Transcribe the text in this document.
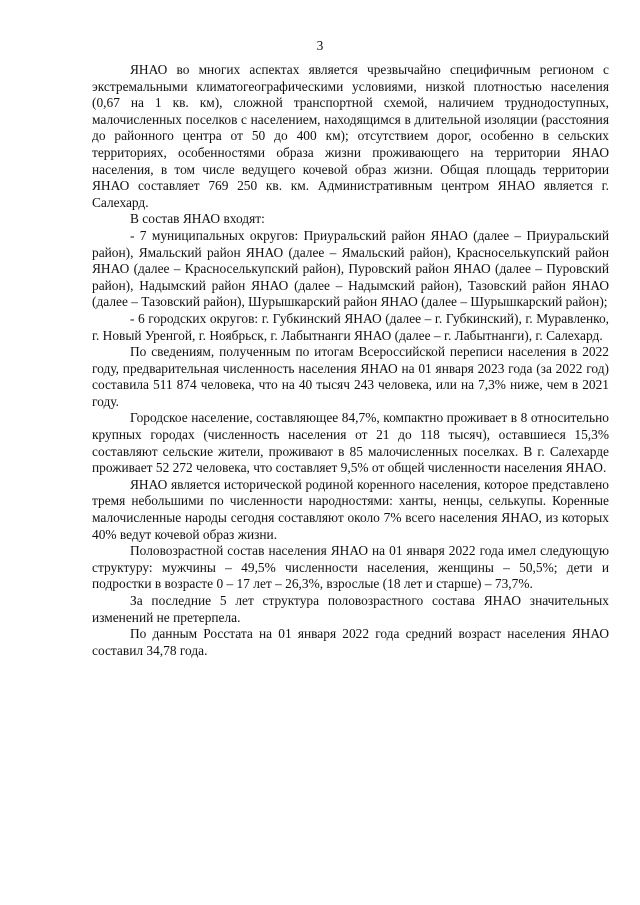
3

ЯНАО во многих аспектах является чрезвычайно специфичным регионом с экстремальными климатогеографическими условиями, низкой плотностью населения (0,67 на 1 кв. км), сложной транспортной схемой, наличием труднодоступных, малочисленных поселков с населением, находящимся в длительной изоляции (расстояния до районного центра от 50 до 400 км); отсутствием дорог, особенно в сельских территориях, особенностями образа жизни проживающего на территории ЯНАО населения, в том числе ведущего кочевой образ жизни. Общая площадь территории ЯНАО составляет 769 250 кв. км. Административным центром ЯНАО является г. Салехард.

В состав ЯНАО входят:

- 7 муниципальных округов: Приуральский район ЯНАО (далее – Приуральский район), Ямальский район ЯНАО (далее – Ямальский район), Красноселькупский район ЯНАО (далее – Красноселькупский район), Пуровский район ЯНАО (далее – Пуровский район), Надымский район ЯНАО (далее – Надымский район), Тазовский район ЯНАО (далее – Тазовский район), Шурышкарский район ЯНАО (далее – Шурышкарский район);

- 6 городских округов: г. Губкинский ЯНАО (далее – г. Губкинский), г. Муравленко, г. Новый Уренгой, г. Ноябрьск, г. Лабытнанги ЯНАО (далее – г. Лабытнанги), г. Салехард.

По сведениям, полученным по итогам Всероссийской переписи населения в 2022 году, предварительная численность населения ЯНАО на 01 января 2023 года (за 2022 год) составила 511 874 человека, что на 40 тысяч 243 человека, или на 7,3% ниже, чем в 2021 году.

Городское население, составляющее 84,7%, компактно проживает в 8 относительно крупных городах (численность населения от 21 до 118 тысяч), оставшиеся 15,3% составляют сельские жители, проживают в 85 малочисленных поселках. В г. Салехарде проживает 52 272 человека, что составляет 9,5% от общей численности населения ЯНАО.

ЯНАО является исторической родиной коренного населения, которое представлено тремя небольшими по численности народностями: ханты, ненцы, селькупы. Коренные малочисленные народы сегодня составляют около 7% всего населения ЯНАО, из которых 40% ведут кочевой образ жизни.

Половозрастной состав населения ЯНАО на 01 января 2022 года имел следующую структуру: мужчины – 49,5% численности населения, женщины – 50,5%; дети и подростки в возрасте 0 – 17 лет – 26,3%, взрослые (18 лет и старше) – 73,7%.

За последние 5 лет структура половозрастного состава ЯНАО значительных изменений не претерпела.

По данным Росстата на 01 января 2022 года средний возраст населения ЯНАО составил 34,78 года.
